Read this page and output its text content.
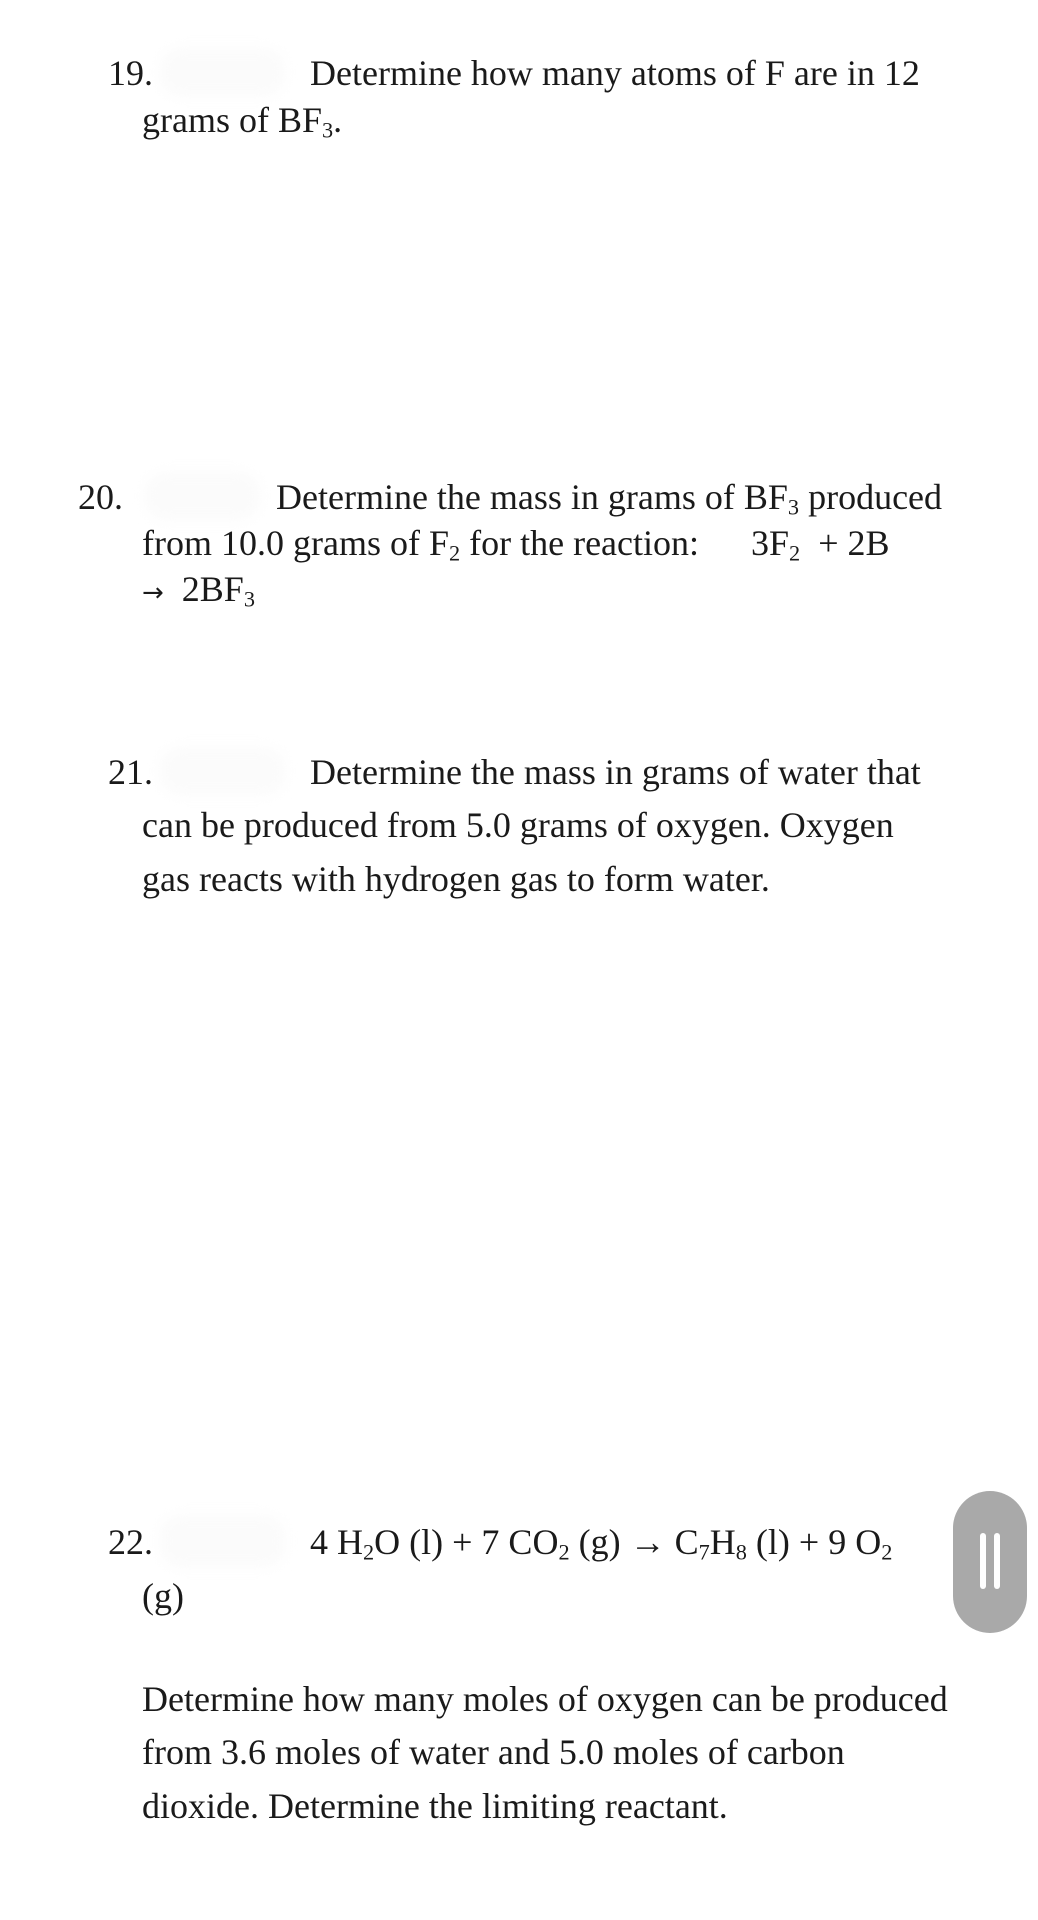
19.	Determine how many atoms of F are in 12
grams of $BF_3$.
20.	Determine the mass in grams of $BF_3$ produced
from 10.0 grams of $F_2$ for the reaction: $3F_2 + 2B$
→ $2BF_3$
21.	Determine the mass in grams of water that
can be produced from 5.0 grams of oxygen. Oxygen
gas reacts with hydrogen gas to form water.
22.	4 $H_2O$ (l) + 7 $CO_2$ $(g) \to C_7H_8$ (l) + 9 $O_2$
(g)
Determine how many moles of oxygen can be produced
from 3.6 moles of water and 5.0 moles of carbon
dioxide. Determine the limiting reactant.
